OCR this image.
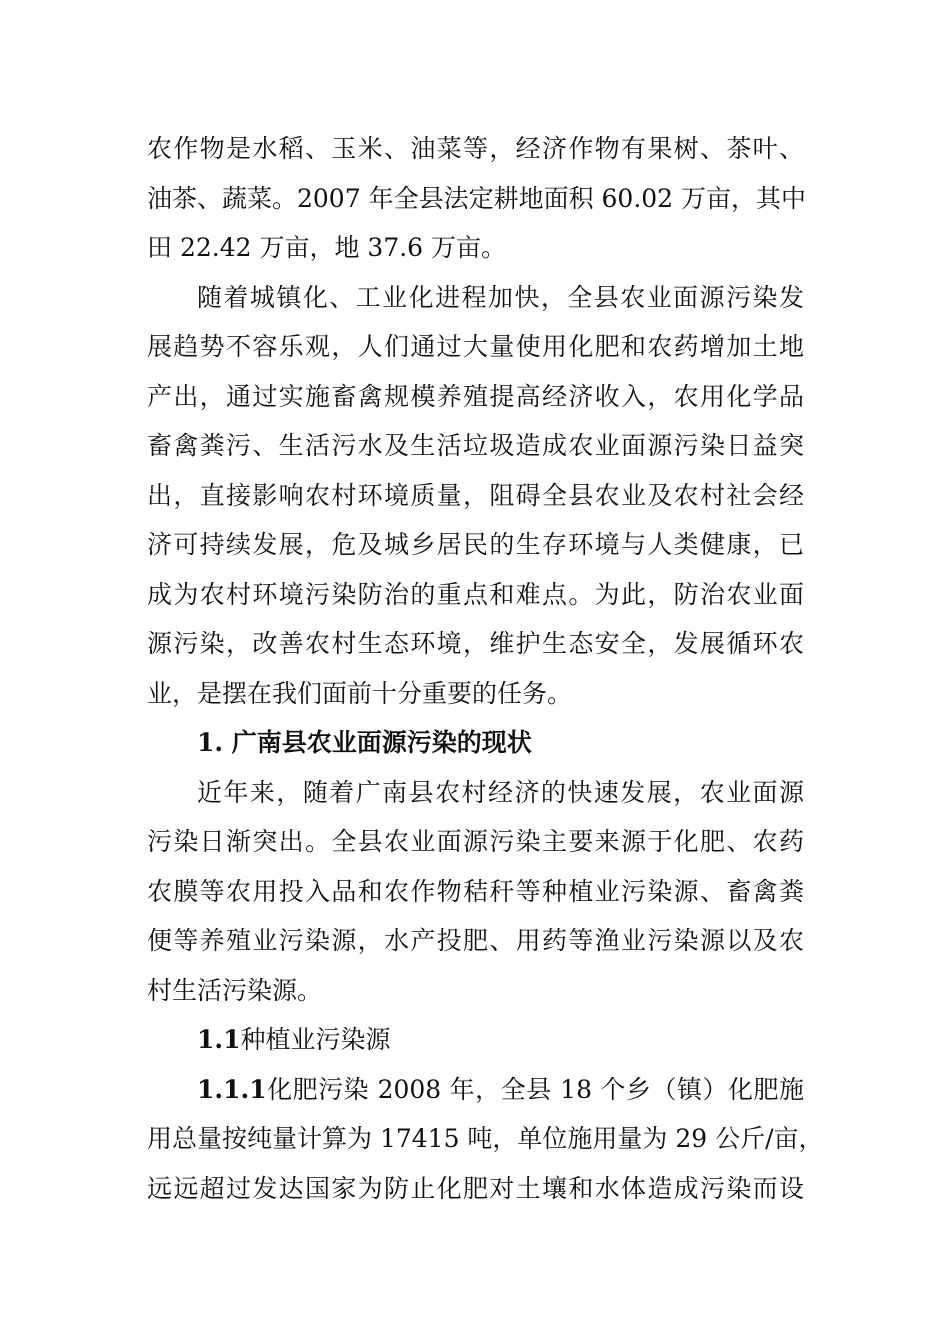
农作物是水稻、玉米、油菜等，经济作物有果树、茶叶、
油茶、蔬菜。2007 年全县法定耕地面积 60.02 万亩，其中
田 22.42 万亩，地 37.6 万亩。
随着城镇化、工业化进程加快，全县农业面源污染发
展趋势不容乐观，人们通过大量使用化肥和农药增加土地
产出，通过实施畜禽规模养殖提高经济收入，农用化学品
畜禽粪污、生活污水及生活垃圾造成农业面源污染日益突
出，直接影响农村环境质量，阻碍全县农业及农村社会经
济可持续发展，危及城乡居民的生存环境与人类健康，已
成为农村环境污染防治的重点和难点。为此，防治农业面
源污染，改善农村生态环境，维护生态安全，发展循环农
业，是摆在我们面前十分重要的任务。
1. 广南县农业面源污染的现状
近年来，随着广南县农村经济的快速发展，农业面源
污染日渐突出。全县农业面源污染主要来源于化肥、农药
农膜等农用投入品和农作物秸秆等种植业污染源、畜禽粪
便等养殖业污染源，水产投肥、用药等渔业污染源以及农
村生活污染源。
1.1种植业污染源
1.1.1化肥污染 2008 年，全县 18 个乡（镇）化肥施
用总量按纯量计算为 17415 吨，单位施用量为 29 公斤/亩，
远远超过发达国家为防止化肥对土壤和水体造成污染而设
